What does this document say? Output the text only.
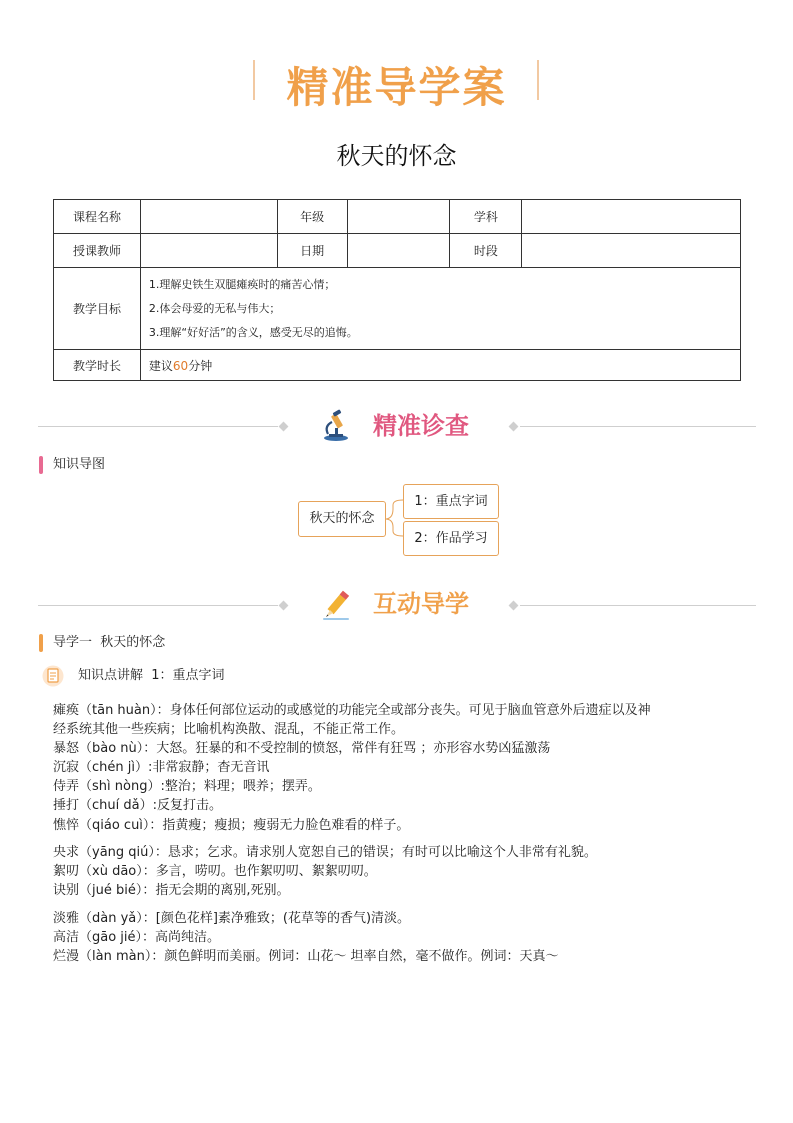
精准导学案
秋天的怀念
课程名称		年级		学科	
授课教师		日期		时段	
教学目标	1.理解史铁生双腿瘫痪时的痛苦心情；
2.体会母爱的无私与伟大；
3.理解“好好活”的含义，感受无尽的追悔。				

教学时长	建议60分钟				
精准诊查
知识导图
秋天的怀念
1：重点字词
2：作品学习
互动导学
导学一  秋天的怀念
知识点讲解  1：重点字词
瘫痪（tān huàn）：身体任何部位运动的或感觉的功能完全或部分丧失。可见于脑血管意外后遗症以及神
经系统其他一些疾病；比喻机构涣散、混乱，不能正常工作。
暴怒（bào nù）：大怒。狂暴的和不受控制的愤怒，常伴有狂骂 ；亦形容水势凶猛激荡
沉寂（chén jì）:非常寂静；杳无音讯
侍弄（shì nòng）:整治；料理；喂养；摆弄。
捶打（chuí dǎ）:反复打击。
憔悴（qiáo cuì）：指黄瘦；瘦损；瘦弱无力脸色难看的样子。
央求（yāng qiú）：恳求；乞求。请求别人宽恕自己的错误；有时可以比喻这个人非常有礼貌。
絮叨（xù dāo）：多言，唠叨。也作絮叨叨、絮絮叨叨。
诀别（jué bié）：指无会期的离别,死别。
淡雅（dàn yǎ）：[颜色花样]素净雅致；(花草等的香气)清淡。
高洁（gāo jié）：高尚纯洁。
烂漫（làn màn）：颜色鲜明而美丽。例词：山花～ 坦率自然，毫不做作。例词：天真～
